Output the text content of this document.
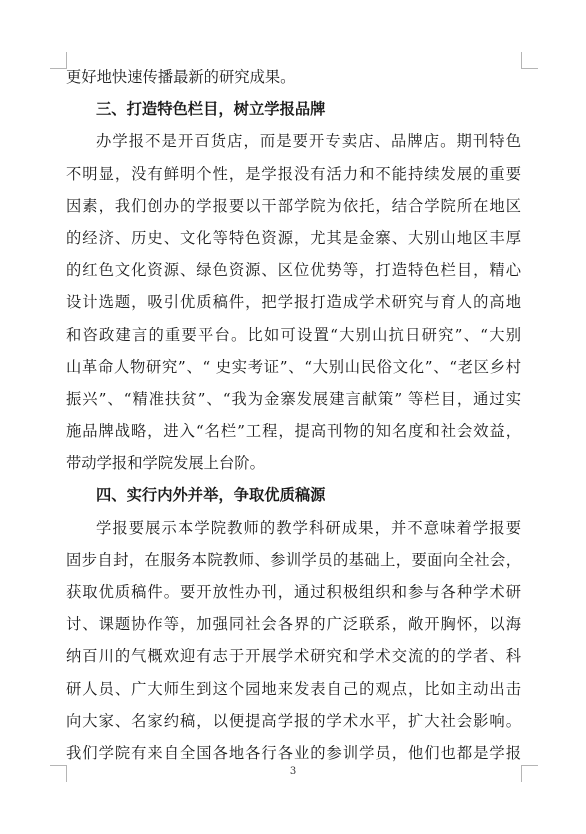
更好地快速传播最新的研究成果。
三、打造特色栏目，树立学报品牌
办学报不是开百货店，而是要开专卖店、品牌店。期刊特色
不明显，没有鲜明个性，是学报没有活力和不能持续发展的重要
因素，我们创办的学报要以干部学院为依托，结合学院所在地区
的经济、历史、文化等特色资源，尤其是金寨、大别山地区丰厚
的红色文化资源、绿色资源、区位优势等，打造特色栏目，精心
设计选题，吸引优质稿件，把学报打造成学术研究与育人的高地
和咨政建言的重要平台。比如可设置“大别山抗日研究”、“大别
山革命人物研究”、“ 史实考证”、“大别山民俗文化”、“老区乡村
振兴”、“精准扶贫”、“我为金寨发展建言献策” 等栏目，通过实
施品牌战略，进入“名栏”工程，提高刊物的知名度和社会效益，
带动学报和学院发展上台阶。
四、实行内外并举，争取优质稿源
学报要展示本学院教师的教学科研成果，并不意味着学报要
固步自封，在服务本院教师、参训学员的基础上，要面向全社会，
获取优质稿件。要开放性办刊，通过积极组织和参与各种学术研
讨、课题协作等，加强同社会各界的广泛联系，敞开胸怀，以海
纳百川的气概欢迎有志于开展学术研究和学术交流的的学者、科
研人员、广大师生到这个园地来发表自己的观点，比如主动出击
向大家、名家约稿，以便提高学报的学术水平，扩大社会影响。
我们学院有来自全国各地各行各业的参训学员，他们也都是学报
3
